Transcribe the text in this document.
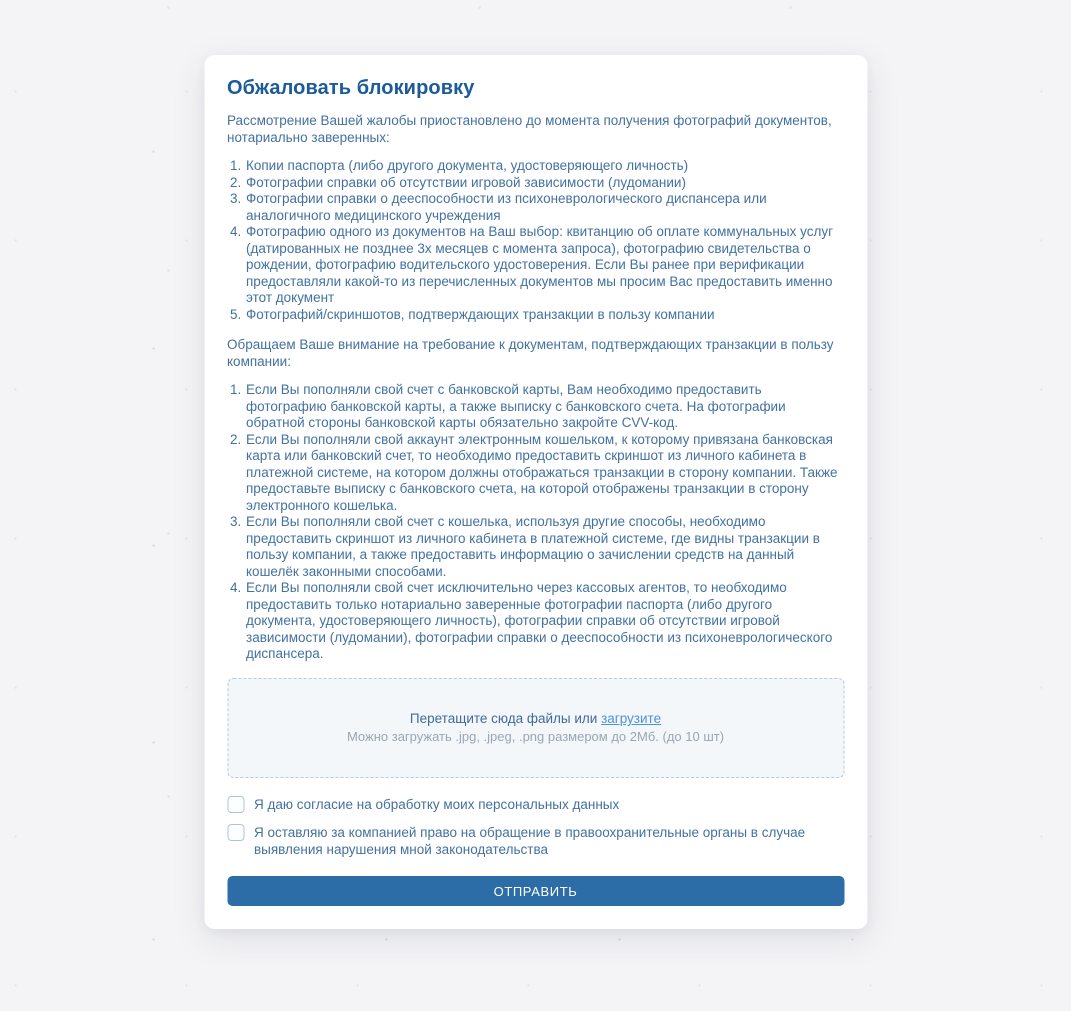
Обжаловать блокировку

Рассмотрение Вашей жалобы приостановлено до момента получения фотографий документов, нотариально заверенных:

1. Копии паспорта (либо другого документа, удостоверяющего личность)
2. Фотографии справки об отсутствии игровой зависимости (лудомании)
3. Фотографии справки о дееспособности из психоневрологического диспансера или аналогичного медицинского учреждения
4. Фотографию одного из документов на Ваш выбор: квитанцию об оплате коммунальных услуг (датированных не позднее 3х месяцев с момента запроса), фотографию свидетельства о рождении, фотографию водительского удостоверения. Если Вы ранее при верификации предоставляли какой-то из перечисленных документов мы просим Вас предоставить именно этот документ
5. Фотографий/скриншотов, подтверждающих транзакции в пользу компании

Обращаем Ваше внимание на требование к документам, подтверждающих транзакции в пользу компании:

1. Если Вы пополняли свой счет с банковской карты, Вам необходимо предоставить фотографию банковской карты, а также выписку с банковского счета. На фотографии обратной стороны банковской карты обязательно закройте CVV-код.
2. Если Вы пополняли свой аккаунт электронным кошельком, к которому привязана банковская карта или банковский счет, то необходимо предоставить скриншот из личного кабинета в платежной системе, на котором должны отображаться транзакции в сторону компании. Также предоставьте выписку с банковского счета, на которой отображены транзакции в сторону электронного кошелька.
3. Если Вы пополняли свой счет с кошелька, используя другие способы, необходимо предоставить скриншот из личного кабинета в платежной системе, где видны транзакции в пользу компании, а также предоставить информацию о зачислении средств на данный кошелёк законными способами.
4. Если Вы пополняли свой счет исключительно через кассовых агентов, то необходимо предоставить только нотариально заверенные фотографии паспорта (либо другого документа, удостоверяющего личность), фотографии справки об отсутствии игровой зависимости (лудомании), фотографии справки о дееспособности из психоневрологического диспансера.
Перетащите сюда файлы или загрузите
Можно загружать .jpg, .jpeg, .png размером до 2Мб. (до 10 шт)
Я даю согласие на обработку моих персональных данных
Я оставляю за компанией право на обращение в правоохранительные органы в случае выявления нарушения мной законодательства
ОТПРАВИТЬ
